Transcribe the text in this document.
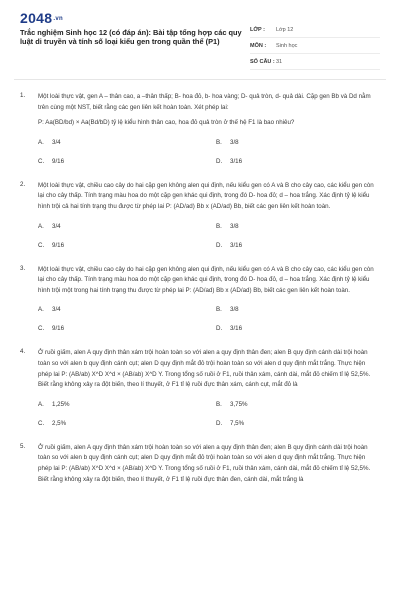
2048.vn
Trắc nghiệm Sinh học 12 (có đáp án): Bài tập tổng hợp các quy luật di truyền và tính số loại kiểu gen trong quần thể (P1)
LỚP :	Lớp 12
MÔN :	Sinh học
SỐ CÂU : 31
1. Một loài thực vật, gen A – thân cao, a –thân thấp; B- hoa đỏ, b- hoa vàng; D- quả tròn, d- quả dài. Cặp gen Bb và Dd nằm trên cùng một NST, biết rằng các gen liên kết hoàn toàn. Xét phép lai:
P: Aa(BD/bd) × Aa(Bd/bD) tỷ lệ kiểu hình thân cao, hoa đỏ quả tròn ở thế hệ F1 là bao nhiêu?
A.	3/4	B.	3/8
C.	9/16	D.	3/16
2. Một loài thực vật, chiều cao cây do hai cặp gen không alen qui định, nếu kiểu gen có A và B cho cây cao, các kiểu gen còn lại cho cây thấp. Tính trạng màu hoa do một cặp gen khác qui định, trong đó D- hoa đỏ; d – hoa trắng. Xác định tỷ lệ kiểu hình trội cả hai tính trạng thu được từ phép lai P: (AD/ad) Bb x (AD/ad) Bb, biết các gen liên kết hoàn toàn.
A.	3/4	B.	3/8
C.	9/16	D.	3/16
3. Một loài thực vật, chiều cao cây do hai cặp gen không alen qui định, nếu kiểu gen có A và B cho cây cao, các kiểu gen còn lại cho cây thấp. Tính trạng màu hoa do một cặp gen khác qui định, trong đó D- hoa đỏ, d – hoa trắng. Xác định tỷ lệ kiểu hình trội một trong hai tính trạng thu được từ phép lai P: (AD/ad) Bb x (AD/ad) Bb, biết các gen liên kết hoàn toàn.
A.	3/4	B.	3/8
C.	9/16	D.	3/16
4. Ở ruồi giấm, alen A quy định thân xám trội hoàn toàn so với alen a quy định thân đen; alen B quy định cánh dài trội hoàn toàn so với alen b quy định cánh cụt; alen D quy định mắt đỏ trội hoàn toàn so với alen d quy định mắt trắng. Thực hiện phép lai P: (AB/ab) X^D X^d × (AB/ab) X^D Y. Trong tổng số ruồi ở F1, ruồi thân xám, cánh dài, mắt đỏ chiếm tỉ lệ 52,5%. Biết rằng không xảy ra đột biến, theo lí thuyết, ở F1 tỉ lệ ruồi đực thân xám, cánh cụt, mắt đỏ là
A.	1,25%	B.	3,75%
C.	2,5%	D.	7,5%
5. Ở ruồi giấm, alen A quy định thân xám trội hoàn toàn so với alen a quy định thân đen; alen B quy định cánh dài trội hoàn toàn so với alen b quy định cánh cụt; alen D quy định mắt đỏ trội hoàn toàn so với alen d quy định mắt trắng. Thực hiện phép lai P: (AB/ab) X^D X^d × (AB/ab) X^D Y. Trong tổng số ruồi ở F1, ruồi thân xám, cánh dài, mắt đỏ chiếm tỉ lệ 52,5%. Biết rằng không xảy ra đột biến, theo lí thuyết, ở F1 tỉ lệ ruồi đực thân đen, cánh dài, mắt trắng là
